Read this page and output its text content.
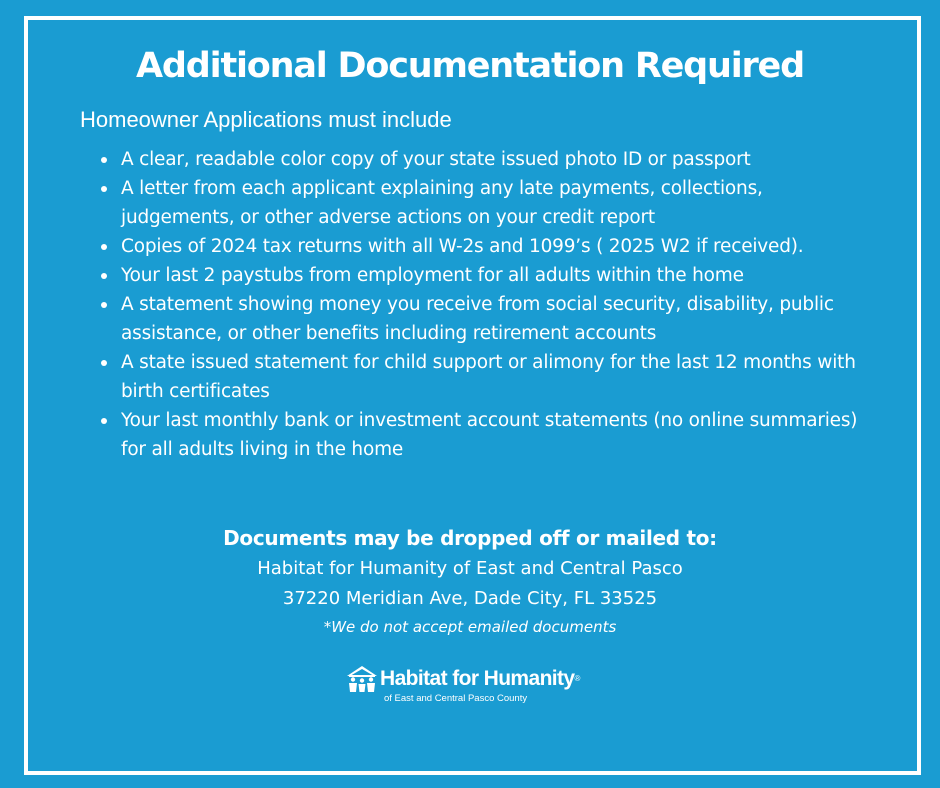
Additional Documentation Required

Homeowner Applications must include

A clear, readable color copy of your state issued photo ID or passport
A letter from each applicant explaining any late payments, collections, judgements, or other adverse actions on your credit report
Copies of 2024 tax returns with all W-2s and 1099’s ( 2025 W2 if received).
Your last 2 paystubs from employment for all adults within the home
A statement showing money you receive from social security, disability, public assistance, or other benefits including retirement accounts
A state issued statement for child support or alimony for the last 12 months with birth certificates
Your last monthly bank or investment account statements (no online summaries) for all adults living in the home
Documents may be dropped off or mailed to:
Habitat for Humanity of East and Central Pasco
37220 Meridian Ave, Dade City, FL 33525
*We do not accept emailed documents
Habitat for Humanity®
of East and Central Pasco County
